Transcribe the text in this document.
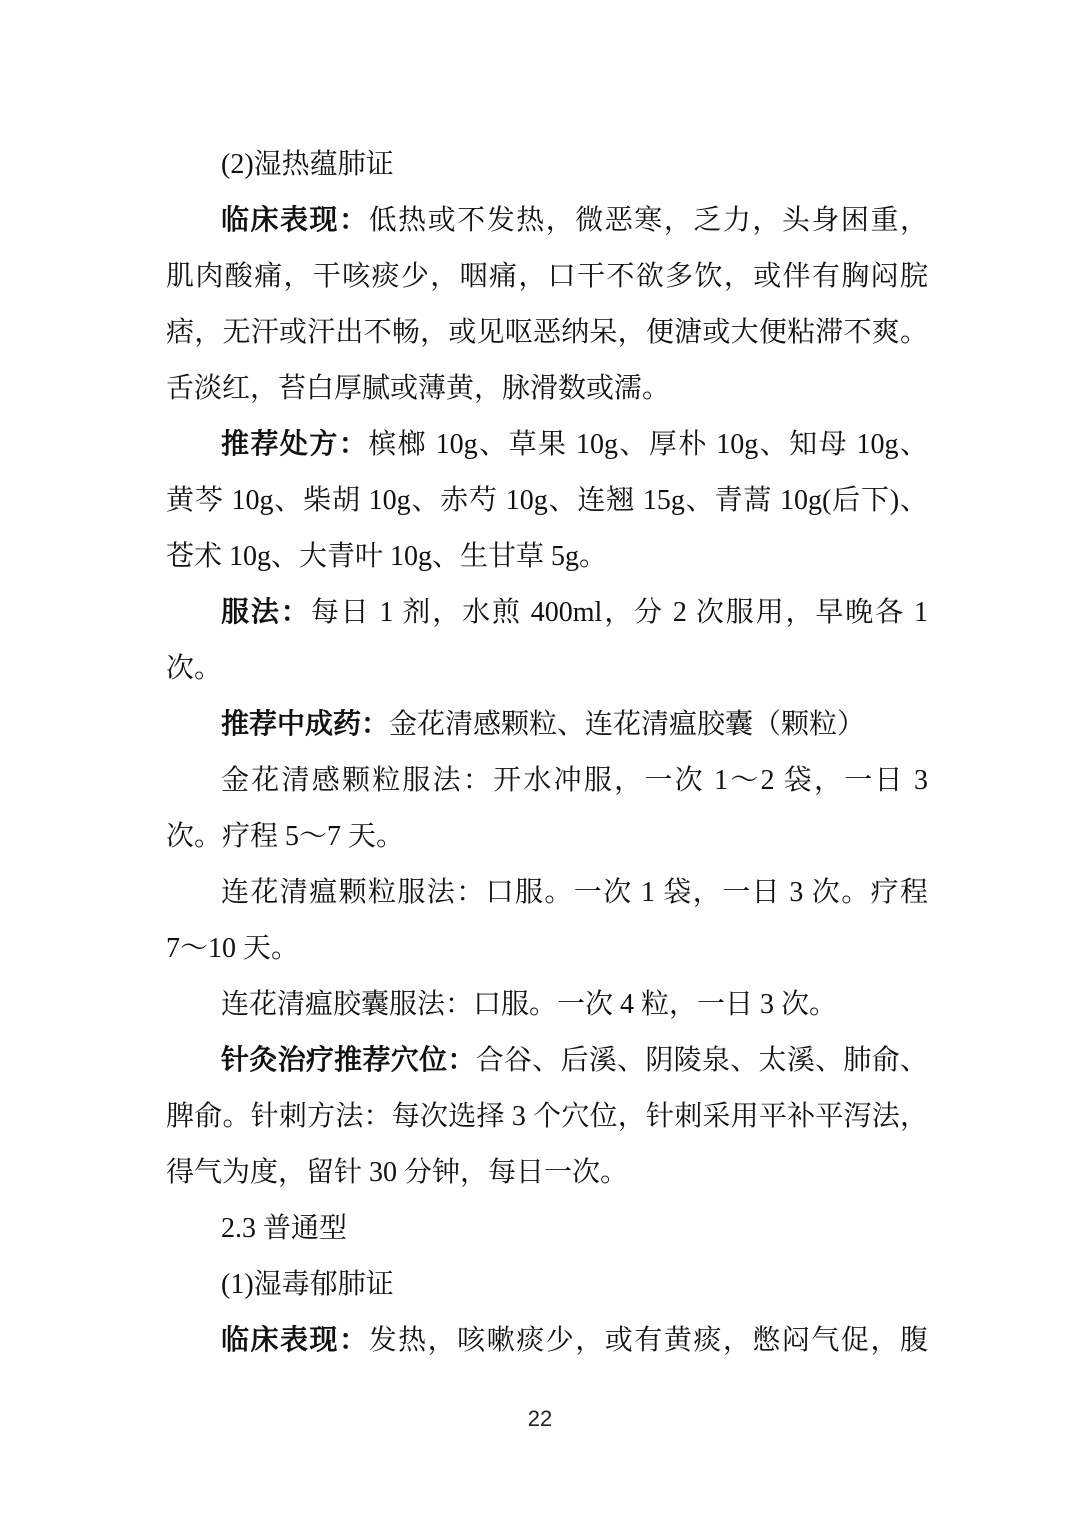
(2)湿热蕴肺证
临床表现：低热或不发热，微恶寒，乏力，头身困重，
肌肉酸痛，干咳痰少，咽痛，口干不欲多饮，或伴有胸闷脘
痞，无汗或汗出不畅，或见呕恶纳呆，便溏或大便粘滞不爽。
舌淡红，苔白厚腻或薄黄，脉滑数或濡。
推荐处方：槟榔 10g、草果 10g、厚朴 10g、知母 10g、
黄芩 10g、柴胡 10g、赤芍 10g、连翘 15g、青蒿 10g(后下)、
苍术 10g、大青叶 10g、生甘草 5g。
服法：每日 1 剂，水煎 400ml，分 2 次服用，早晚各 1
次。
推荐中成药：金花清感颗粒、连花清瘟胶囊（颗粒）
金花清感颗粒服法：开水冲服，一次 1～2 袋，一日 3
次。疗程 5～7 天。
连花清瘟颗粒服法：口服。一次 1 袋，一日 3 次。疗程
7～10 天。
连花清瘟胶囊服法：口服。一次 4 粒，一日 3 次。
针灸治疗推荐穴位：合谷、后溪、阴陵泉、太溪、肺俞、
脾俞。针刺方法：每次选择 3 个穴位，针刺采用平补平泻法，
得气为度，留针 30 分钟，每日一次。
2.3 普通型
(1)湿毒郁肺证
临床表现：发热，咳嗽痰少，或有黄痰，憋闷气促，腹
22
